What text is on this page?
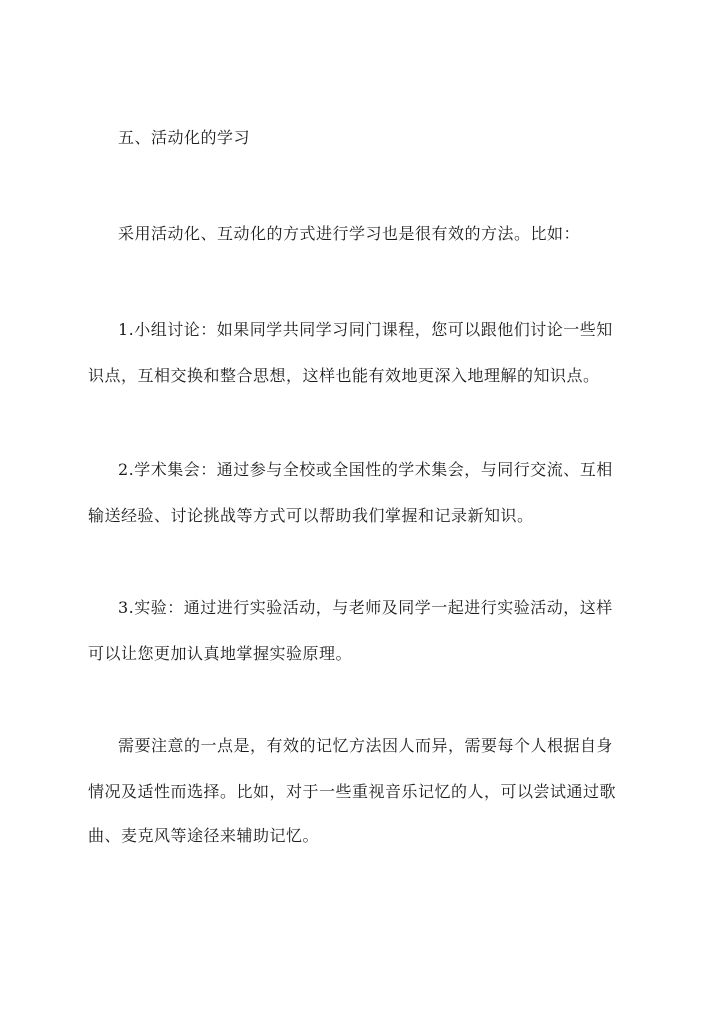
五、活动化的学习
采用活动化、互动化的方式进行学习也是很有效的方法。比如：
1.小组讨论：如果同学共同学习同门课程，您可以跟他们讨论一些知
识点，互相交换和整合思想，这样也能有效地更深入地理解的知识点。
2.学术集会：通过参与全校或全国性的学术集会，与同行交流、互相
输送经验、讨论挑战等方式可以帮助我们掌握和记录新知识。
3.实验：通过进行实验活动，与老师及同学一起进行实验活动，这样
可以让您更加认真地掌握实验原理。
需要注意的一点是，有效的记忆方法因人而异，需要每个人根据自身
情况及适性而选择。比如，对于一些重视音乐记忆的人，可以尝试通过歌
曲、麦克风等途径来辅助记忆。
